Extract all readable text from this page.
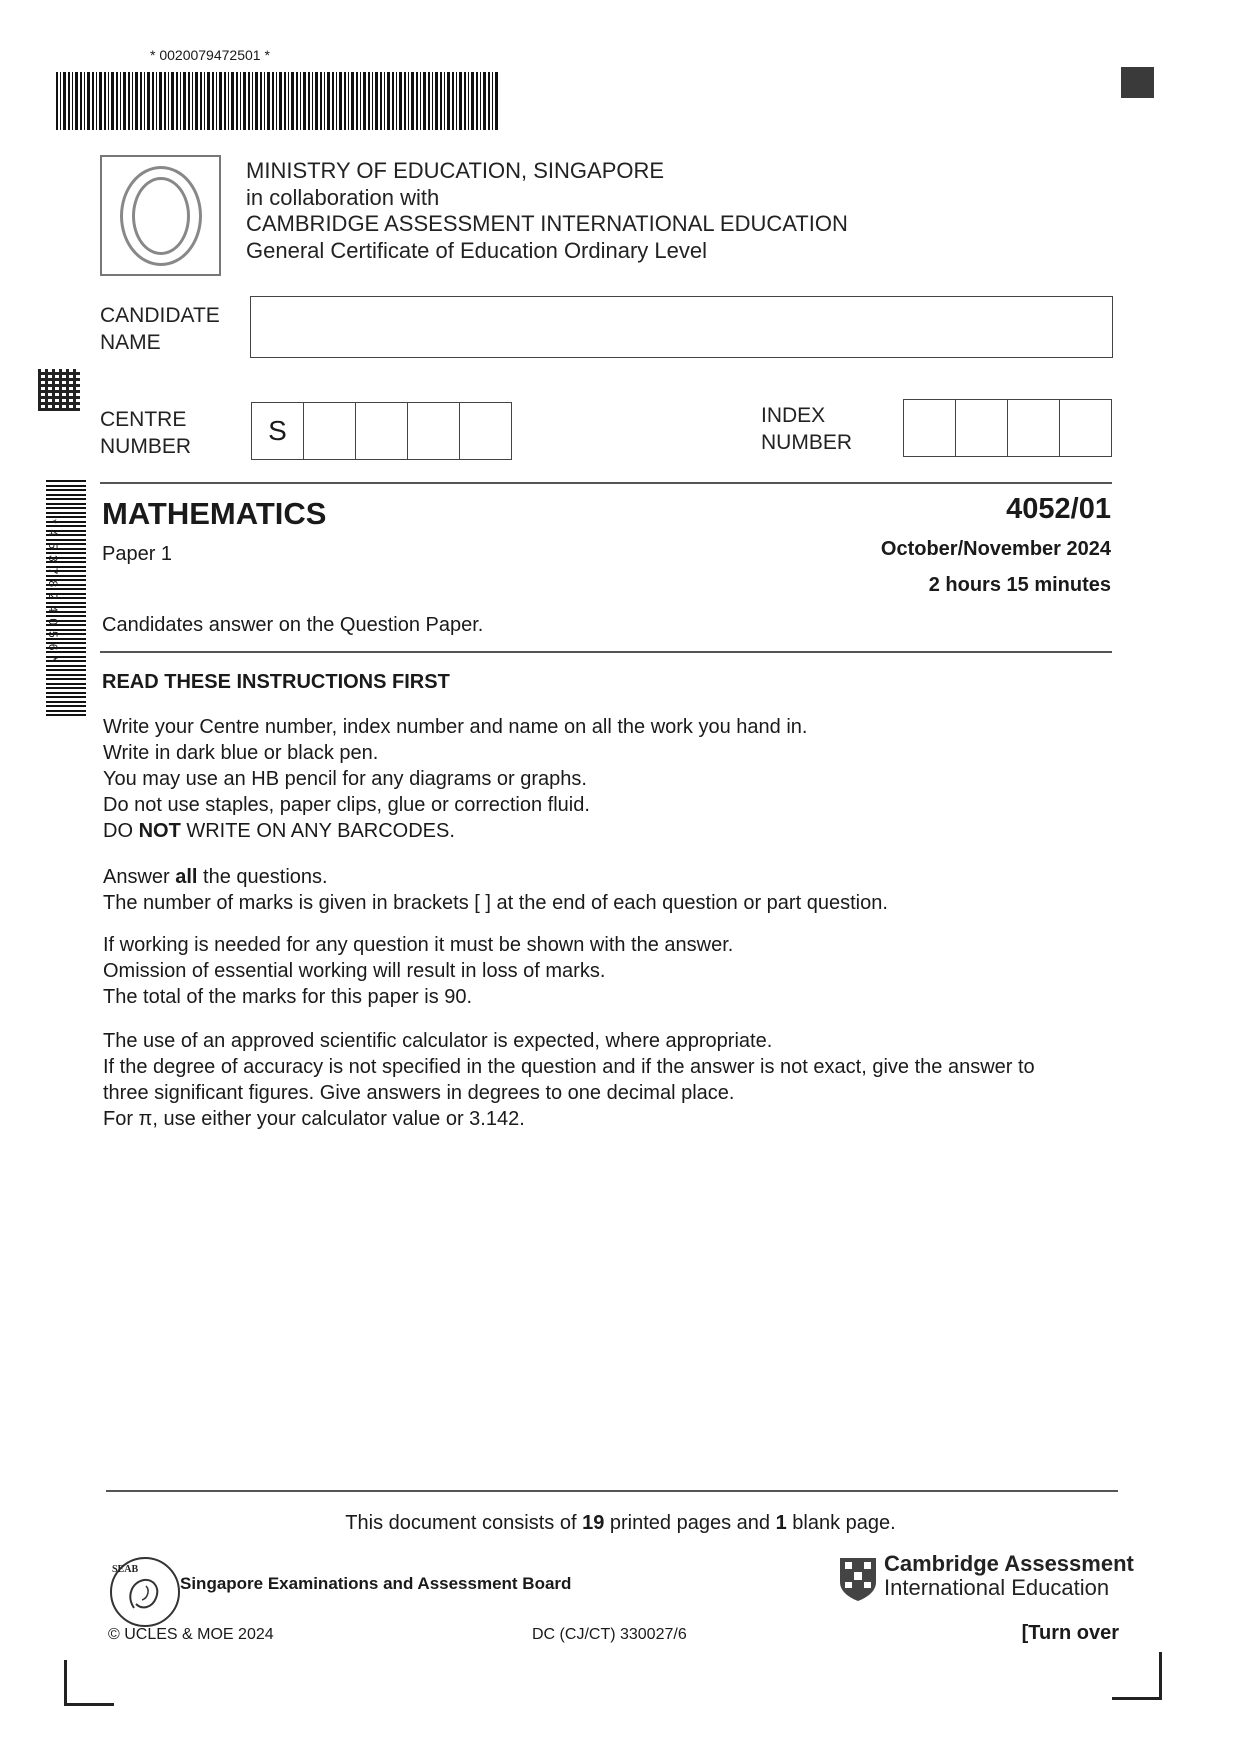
* 0020079472501 *
MINISTRY OF EDUCATION, SINGAPORE
in collaboration with
CAMBRIDGE ASSESSMENT INTERNATIONAL EDUCATION
General Certificate of Education Ordinary Level
CANDIDATE
NAME
CENTRE
NUMBER
S	INDEX
NUMBER
*4537824056*
MATHEMATICS	4052/01
Paper 1	October/November 2024
2 hours 15 minutes
Candidates answer on the Question Paper.
READ THESE INSTRUCTIONS FIRST
Write your Centre number, index number and name on all the work you hand in.
Write in dark blue or black pen.
You may use an HB pencil for any diagrams or graphs.
Do not use staples, paper clips, glue or correction fluid.
DO NOT WRITE ON ANY BARCODES.
Answer all the questions.
The number of marks is given in brackets [ ] at the end of each question or part question.
If working is needed for any question it must be shown with the answer.
Omission of essential working will result in loss of marks.
The total of the marks for this paper is 90.
The use of an approved scientific calculator is expected, where appropriate.
If the degree of accuracy is not specified in the question and if the answer is not exact, give the answer to
three significant figures. Give answers in degrees to one decimal place.
For π, use either your calculator value or 3.142.
This document consists of 19 printed pages and 1 blank page.
SEAB
Singapore Examinations and Assessment Board
Cambridge Assessment
International Education
© UCLES & MOE 2024	DC (CJ/CT) 330027/6	[Turn over
